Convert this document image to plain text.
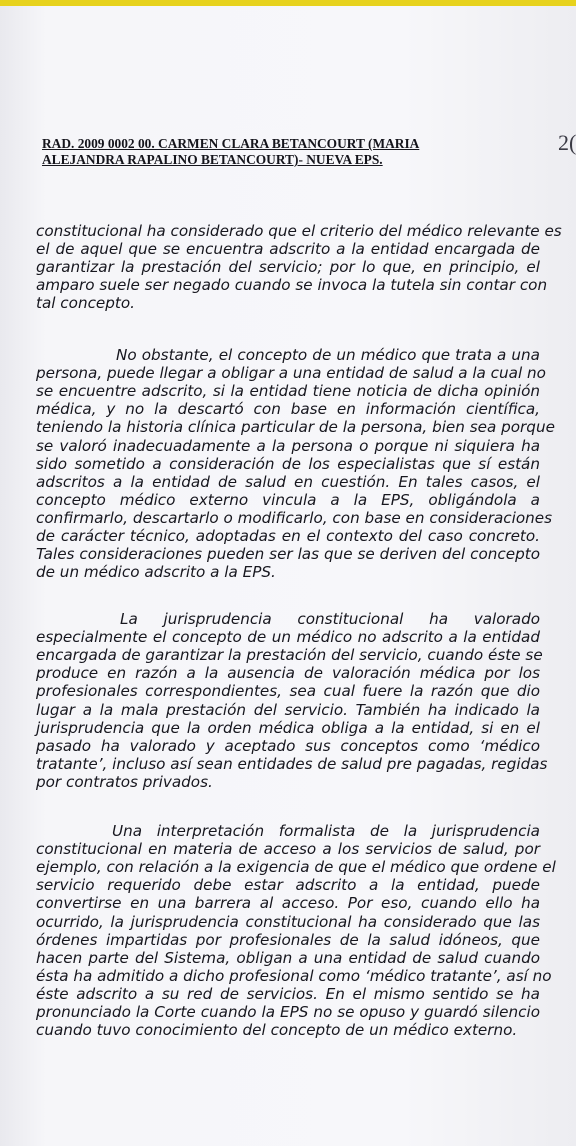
2(
RAD. 2009 0002 00. CARMEN CLARA BETANCOURT (MARIA
ALEJANDRA RAPALINO BETANCOURT)- NUEVA EPS.
constitucional ha considerado que el criterio del médico relevante es
el de aquel que se encuentra adscrito a la entidad encargada de
garantizar la prestación del servicio; por lo que, en principio, el
amparo suele ser negado cuando se invoca la tutela sin contar con
tal concepto.
No obstante, el concepto de un médico que trata a una
persona, puede llegar a obligar a una entidad de salud a la cual no
se encuentre adscrito, si la entidad tiene noticia de dicha opinión
médica, y no la descartó con base en información científica,
teniendo la historia clínica particular de la persona, bien sea porque
se valoró inadecuadamente a la persona o porque ni siquiera ha
sido sometido a consideración de los especialistas que sí están
adscritos a la entidad de salud en cuestión. En tales casos, el
concepto médico externo vincula a la EPS, obligándola a
confirmarlo, descartarlo o modificarlo, con base en consideraciones
de carácter técnico, adoptadas en el contexto del caso concreto.
Tales consideraciones pueden ser las que se deriven del concepto
de un médico adscrito a la EPS.
La jurisprudencia constitucional ha valorado
especialmente el concepto de un médico no adscrito a la entidad
encargada de garantizar la prestación del servicio, cuando éste se
produce en razón a la ausencia de valoración médica por los
profesionales correspondientes, sea cual fuere la razón que dio
lugar a la mala prestación del servicio. También ha indicado la
jurisprudencia que la orden médica obliga a la entidad, si en el
pasado ha valorado y aceptado sus conceptos como ‘médico
tratante’, incluso así sean entidades de salud pre pagadas, regidas
por contratos privados.
Una interpretación formalista de la jurisprudencia
constitucional en materia de acceso a los servicios de salud, por
ejemplo, con relación a la exigencia de que el médico que ordene el
servicio requerido debe estar adscrito a la entidad, puede
convertirse en una barrera al acceso. Por eso, cuando ello ha
ocurrido, la jurisprudencia constitucional ha considerado que las
órdenes impartidas por profesionales de la salud idóneos, que
hacen parte del Sistema, obligan a una entidad de salud cuando
ésta ha admitido a dicho profesional como ‘médico tratante’, así no
éste adscrito a su red de servicios. En el mismo sentido se ha
pronunciado la Corte cuando la EPS no se opuso y guardó silencio
cuando tuvo conocimiento del concepto de un médico externo.
